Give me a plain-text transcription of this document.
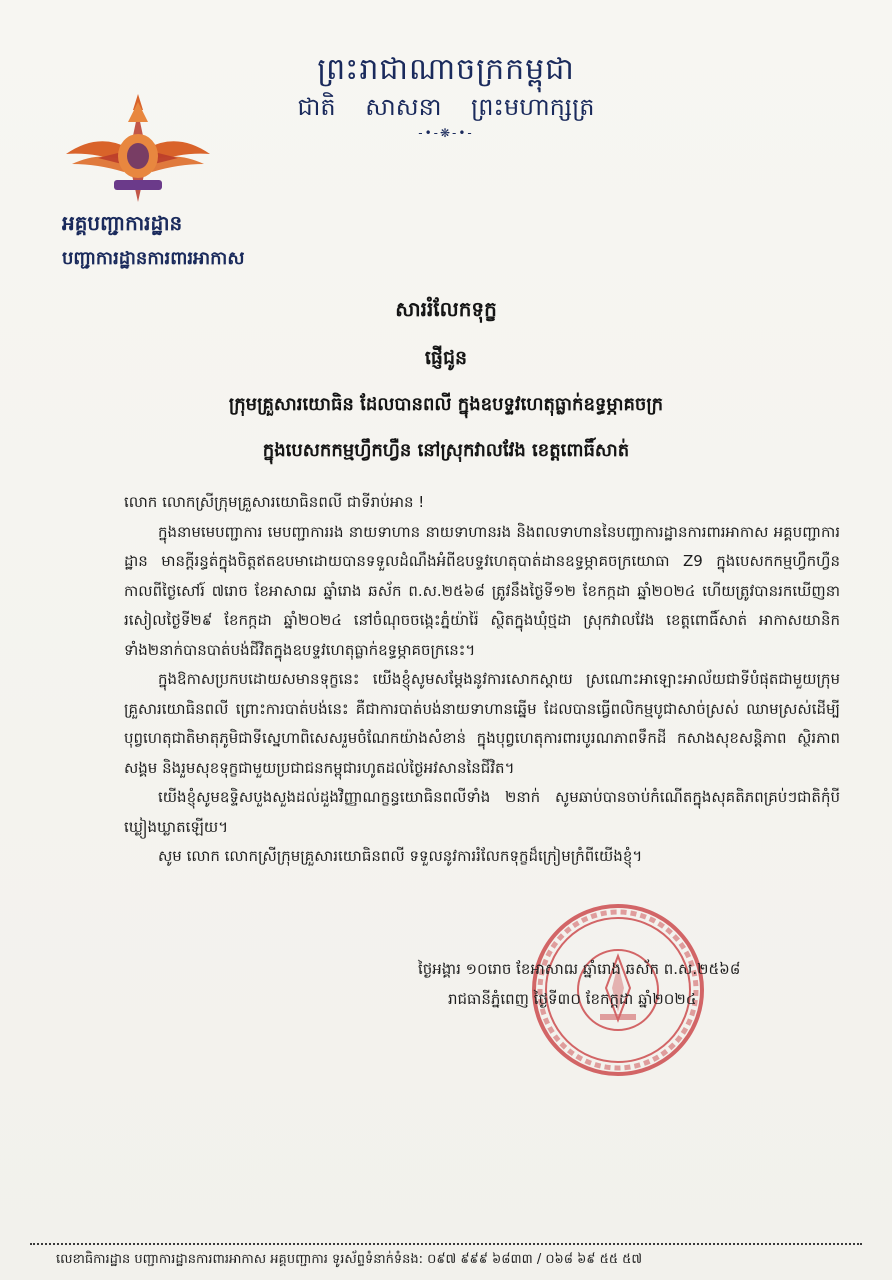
ព្រះរាជាណាចក្រកម្ពុជា
ជាតិ សាសនា ព្រះមហាក្សត្រ
-•-❋-•-
អគ្គបញ្ជាការដ្ឋាន
បញ្ជាការដ្ឋានការពារអាកាស
សាររំលែកទុក្ខ
ផ្ញើជូន
ក្រុមគ្រួសារយោធិន ដែលបានពលី ក្នុងឧបទ្ទវហេតុធ្លាក់ឧទ្ធម្ភាគចក្រ
ក្នុងបេសកកម្មហ្វឹកហ្វឺន នៅស្រុកវាលវែង ខេត្តពោធិ៍សាត់

លោក លោកស្រីក្រុមគ្រួសារយោធិនពលី ជាទីរាប់អាន !

ក្នុងនាមមេបញ្ជាការ មេបញ្ជាការរង នាយទាហាន នាយទាហានរង និងពលទាហាននៃបញ្ជាការដ្ឋានការពារអាកាស អគ្គបញ្ជាការដ្ឋាន មានក្ដីរន្ធត់ក្នុងចិត្តឥតឧបមាដោយបានទទួលដំណឹងអំពីឧបទ្ទវហេតុបាត់ដានឧទ្ធម្ភាគចក្រយោធា Z9 ក្នុងបេសកកម្មហ្វឹកហ្វឺន កាលពីថ្ងៃសៅរ៍ ៧រោច ខែអាសាឍ ឆ្នាំរោង ឆស័ក ព.ស.២៥៦៨ ត្រូវនឹងថ្ងៃទី១២ ខែកក្កដា ឆ្នាំ២០២៤ ហើយត្រូវបានរកឃើញនារសៀលថ្ងៃទី២៩ ខែកក្កដា ឆ្នាំ២០២៤ នៅចំណុចចង្កេះភ្នំយ៉ារ៉ៃ ស្ថិតក្នុងឃុំថ្មដា ស្រុកវាលវែង ខេត្តពោធិ៍សាត់ អាកាសយានិកទាំង២នាក់បានបាត់បង់ជីវិតក្នុងឧបទ្ទវហេតុធ្លាក់ឧទ្ធម្ភាគចក្រនេះ។

ក្នុងឱកាសប្រកបដោយសមានទុក្ខនេះ យើងខ្ញុំសូមសម្ដែងនូវការសោកស្ដាយ ស្រណោះអាឡោះអាល័យជាទីបំផុតជាមួយក្រុមគ្រួសារយោធិនពលី ព្រោះការបាត់បង់នេះ គឺជាការបាត់បង់នាយទាហានឆ្នើម ដែលបានធ្វើពលិកម្មបូជាសាច់ស្រស់ ឈាមស្រស់ដើម្បីបុព្វហេតុជាតិមាតុភូមិជាទីស្នេហាពិសេសរួមចំណែកយ៉ាងសំខាន់ ក្នុងបុព្វហេតុការពារបូរណភាពទឹកដី កសាងសុខសន្តិភាព ស្ថិរភាព សង្គម និងរួមសុខទុក្ខជាមួយប្រជាជនកម្ពុជារហូតដល់ថ្ងៃអវសាននៃជីវិត។

យើងខ្ញុំសូមឧទ្ទិសបួងសួងដល់ដួងវិញ្ញាណក្ខន្ធយោធិនពលីទាំង ២នាក់ សូមឆាប់បានចាប់កំណើតក្នុងសុគតិភពគ្រប់ៗជាតិកុំបីឃ្លៀងឃ្លាតឡើយ។

សូម លោក លោកស្រីក្រុមគ្រួសារយោធិនពលី ទទួលនូវការរំលែកទុក្ខដ៏ក្រៀមក្រំពីយើងខ្ញុំ។

ថ្ងៃអង្គារ ១០រោច ខែអាសាឍ ឆ្នាំរោង ឆស័ក ព.ស.២៥៦៨
រាជធានីភ្នំពេញ ថ្ងៃទី៣០ ខែកក្កដា ឆ្នាំ២០២៤
លេខាធិការដ្ឋាន បញ្ជាការដ្ឋានការពារអាកាស អគ្គបញ្ជាការ ទូរស័ព្ទទំនាក់ទំនង: ០៩៧ ៩៩៩ ៦៨៣៣ / ០៦៨ ៦៩ ៥៥ ៥៧
